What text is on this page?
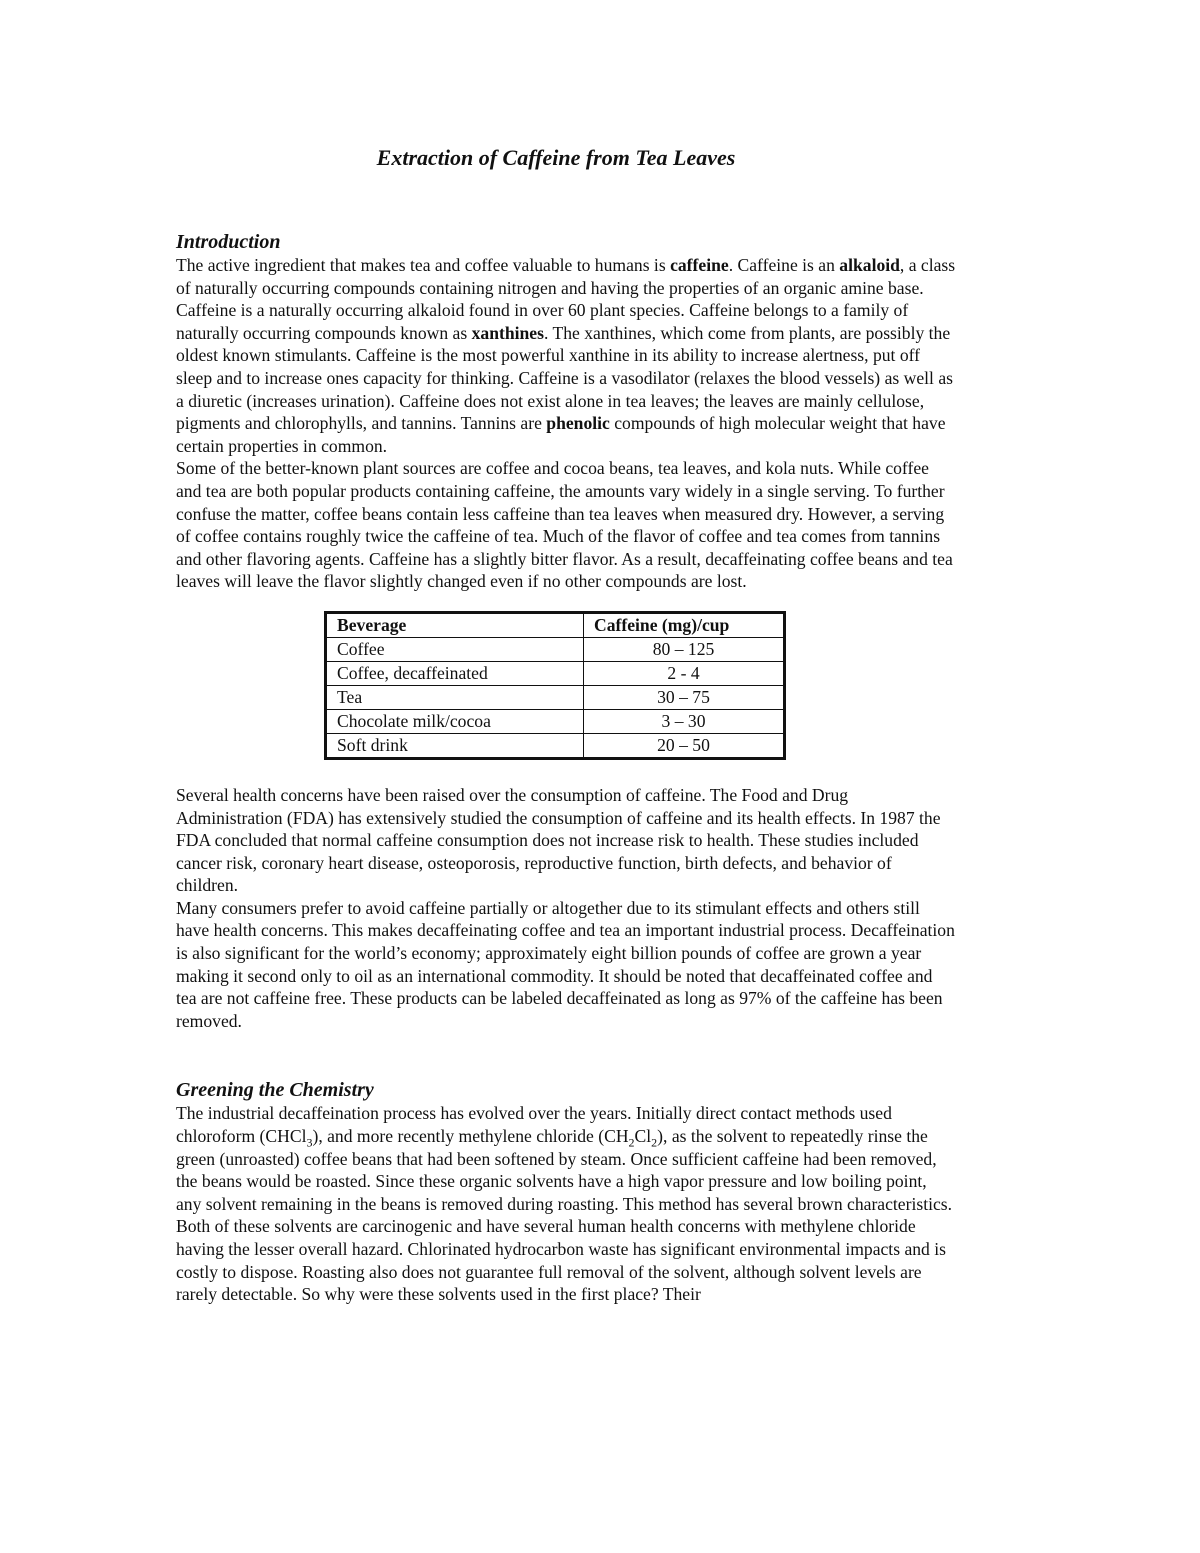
Extraction of Caffeine from Tea Leaves
Introduction

The active ingredient that makes tea and coffee valuable to humans is caffeine. Caffeine is an alkaloid, a class of naturally occurring compounds containing nitrogen and having the properties of an organic amine base.

Caffeine is a naturally occurring alkaloid found in over 60 plant species. Caffeine belongs to a family of naturally occurring compounds known as xanthines. The xanthines, which come from plants, are possibly the oldest known stimulants. Caffeine is the most powerful xanthine in its ability to increase alertness, put off sleep and to increase ones capacity for thinking. Caffeine is a vasodilator (relaxes the blood vessels) as well as a diuretic (increases urination). Caffeine does not exist alone in tea leaves; the leaves are mainly cellulose, pigments and chlorophylls, and tannins. Tannins are phenolic compounds of high molecular weight that have certain properties in common.

Some of the better-known plant sources are coffee and cocoa beans, tea leaves, and kola nuts. While coffee and tea are both popular products containing caffeine, the amounts vary widely in a single serving. To further confuse the matter, coffee beans contain less caffeine than tea leaves when measured dry. However, a serving of coffee contains roughly twice the caffeine of tea. Much of the flavor of coffee and tea comes from tannins and other flavoring agents. Caffeine has a slightly bitter flavor. As a result, decaffeinating coffee beans and tea leaves will leave the flavor slightly changed even if no other compounds are lost.

Beverage	Caffeine (mg)/cup
Coffee	80 – 125
Coffee, decaffeinated	2 - 4
Tea	30 – 75
Chocolate milk/cocoa	3 – 30
Soft drink	20 – 50

Several health concerns have been raised over the consumption of caffeine. The Food and Drug Administration (FDA) has extensively studied the consumption of caffeine and its health effects. In 1987 the FDA concluded that normal caffeine consumption does not increase risk to health. These studies included cancer risk, coronary heart disease, osteoporosis, reproductive function, birth defects, and behavior of children.

Many consumers prefer to avoid caffeine partially or altogether due to its stimulant effects and others still have health concerns. This makes decaffeinating coffee and tea an important industrial process. Decaffeination is also significant for the world’s economy; approximately eight billion pounds of coffee are grown a year making it second only to oil as an international commodity. It should be noted that decaffeinated coffee and tea are not caffeine free. These products can be labeled decaffeinated as long as 97% of the caffeine has been removed.

Greening the Chemistry

The industrial decaffeination process has evolved over the years. Initially direct contact methods used chloroform (CHCl$_3$), and more recently methylene chloride $(CH_2Cl_2)$, as the solvent to repeatedly rinse the green (unroasted) coffee beans that had been softened by steam. Once sufficient caffeine had been removed, the beans would be roasted. Since these organic solvents have a high vapor pressure and low boiling point, any solvent remaining in the beans is removed during roasting. This method has several brown characteristics. Both of these solvents are carcinogenic and have several human health concerns with methylene chloride having the lesser overall hazard. Chlorinated hydrocarbon waste has significant environmental impacts and is costly to dispose. Roasting also does not guarantee full removal of the solvent, although solvent levels are rarely detectable. So why were these solvents used in the first place? Their
